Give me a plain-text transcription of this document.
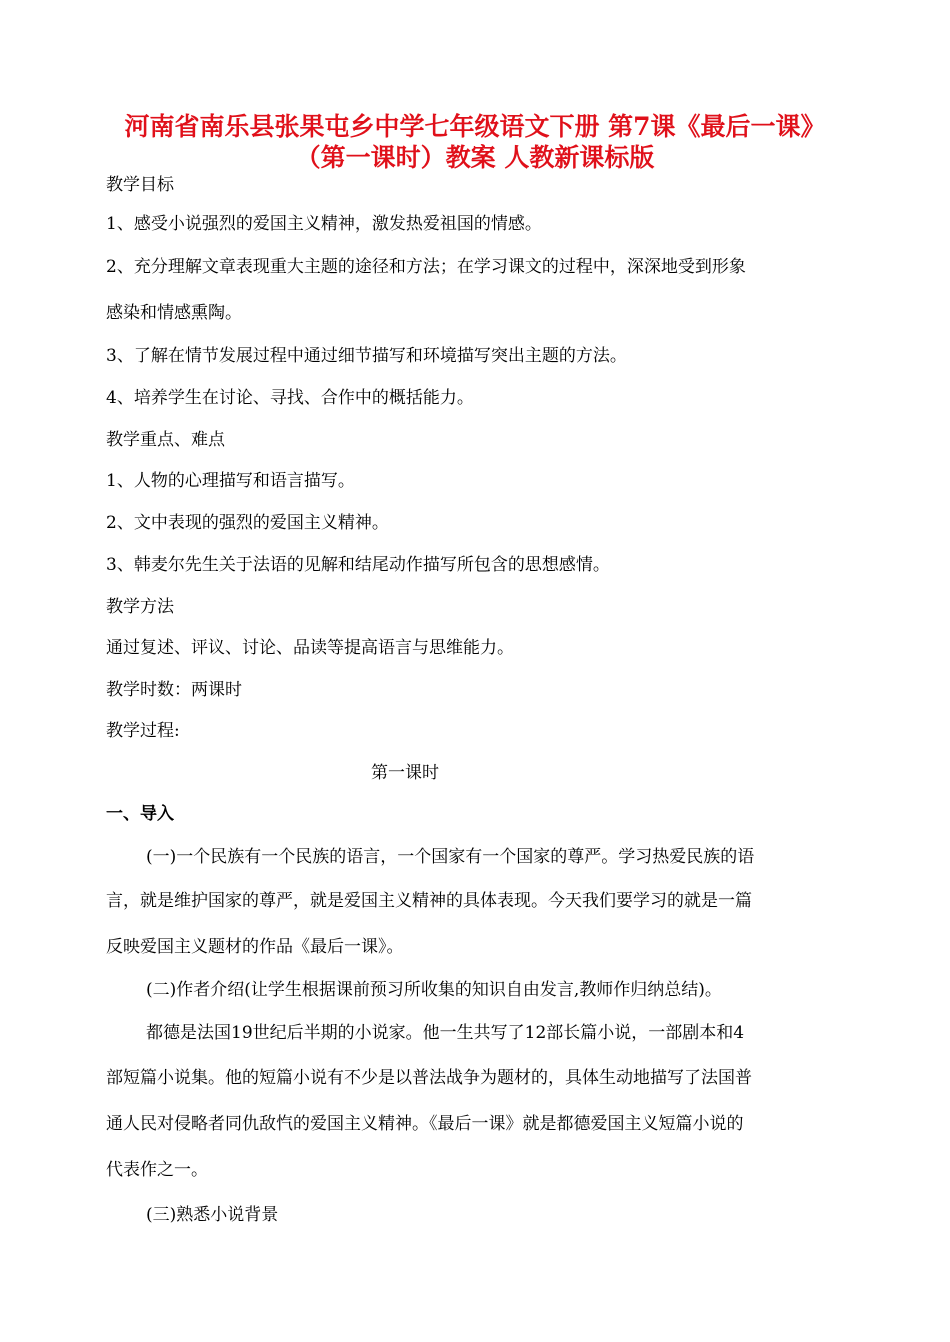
河南省南乐县张果屯乡中学七年级语文下册 第7课《最后一课》
（第一课时）教案 人教新课标版
教学目标
1、感受小说强烈的爱国主义精神，激发热爱祖国的情感。
2、充分理解文章表现重大主题的途径和方法；在学习课文的过程中，深深地受到形象
感染和情感熏陶。
3、了解在情节发展过程中通过细节描写和环境描写突出主题的方法。
4、培养学生在讨论、寻找、合作中的概括能力。
教学重点、难点
1、人物的心理描写和语言描写。
2、文中表现的强烈的爱国主义精神。
3、韩麦尔先生关于法语的见解和结尾动作描写所包含的思想感情。
教学方法
通过复述、评议、讨论、品读等提高语言与思维能力。
教学时数：两课时
教学过程:
第一课时
一、导入
(一)一个民族有一个民族的语言，一个国家有一个国家的尊严。学习热爱民族的语
言，就是维护国家的尊严，就是爱国主义精神的具体表现。今天我们要学习的就是一篇
反映爱国主义题材的作品《最后一课》。
(二)作者介绍(让学生根据课前预习所收集的知识自由发言,教师作归纳总结)。
都德是法国19世纪后半期的小说家。他一生共写了12部长篇小说，一部剧本和4
部短篇小说集。他的短篇小说有不少是以普法战争为题材的，具体生动地描写了法国普
通人民对侵略者同仇敌忾的爱国主义精神。《最后一课》就是都德爱国主义短篇小说的
代表作之一。
(三)熟悉小说背景
